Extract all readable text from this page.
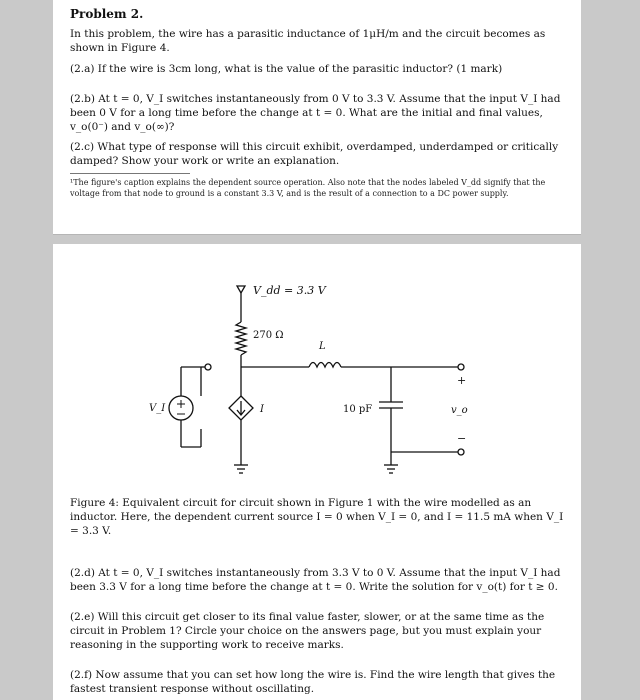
Problem 2.
In this problem, the wire has a parasitic inductance of 1μH/m and the circuit becomes as shown in Figure 4.
(2.a) If the wire is 3cm long, what is the value of the parasitic inductor? (1 mark)
(2.b) At t = 0, V_I switches instantaneously from 0 V to 3.3 V. Assume that the input V_I had been 0 V for a long time before the change at t = 0. What are the initial and final values, v_o(0⁻) and v_o(∞)?
(2.c) What type of response will this circuit exhibit, overdamped, underdamped or critically damped? Show your work or write an explanation.
¹The figure's caption explains the dependent source operation. Also note that the nodes labeled V_dd signify that the voltage from that node to ground is a constant 3.3 V, and is the result of a connection to a DC power supply.
V_dd = 3.3 V
270 Ω
L
10 pF
I
V_I	v_o
+
−
Figure 4: Equivalent circuit for circuit shown in Figure 1 with the wire modelled as an inductor. Here, the dependent current source I = 0 when V_I = 0, and I = 11.5 mA when V_I = 3.3 V.
(2.d) At t = 0, V_I switches instantaneously from 3.3 V to 0 V. Assume that the input V_I had been 3.3 V for a long time before the change at t = 0. Write the solution for v_o(t) for t ≥ 0.
(2.e) Will this circuit get closer to its final value faster, slower, or at the same time as the circuit in Problem 1? Circle your choice on the answers page, but you must explain your reasoning in the supporting work to receive marks.
(2.f) Now assume that you can set how long the wire is. Find the wire length that gives the fastest transient response without oscillating.
